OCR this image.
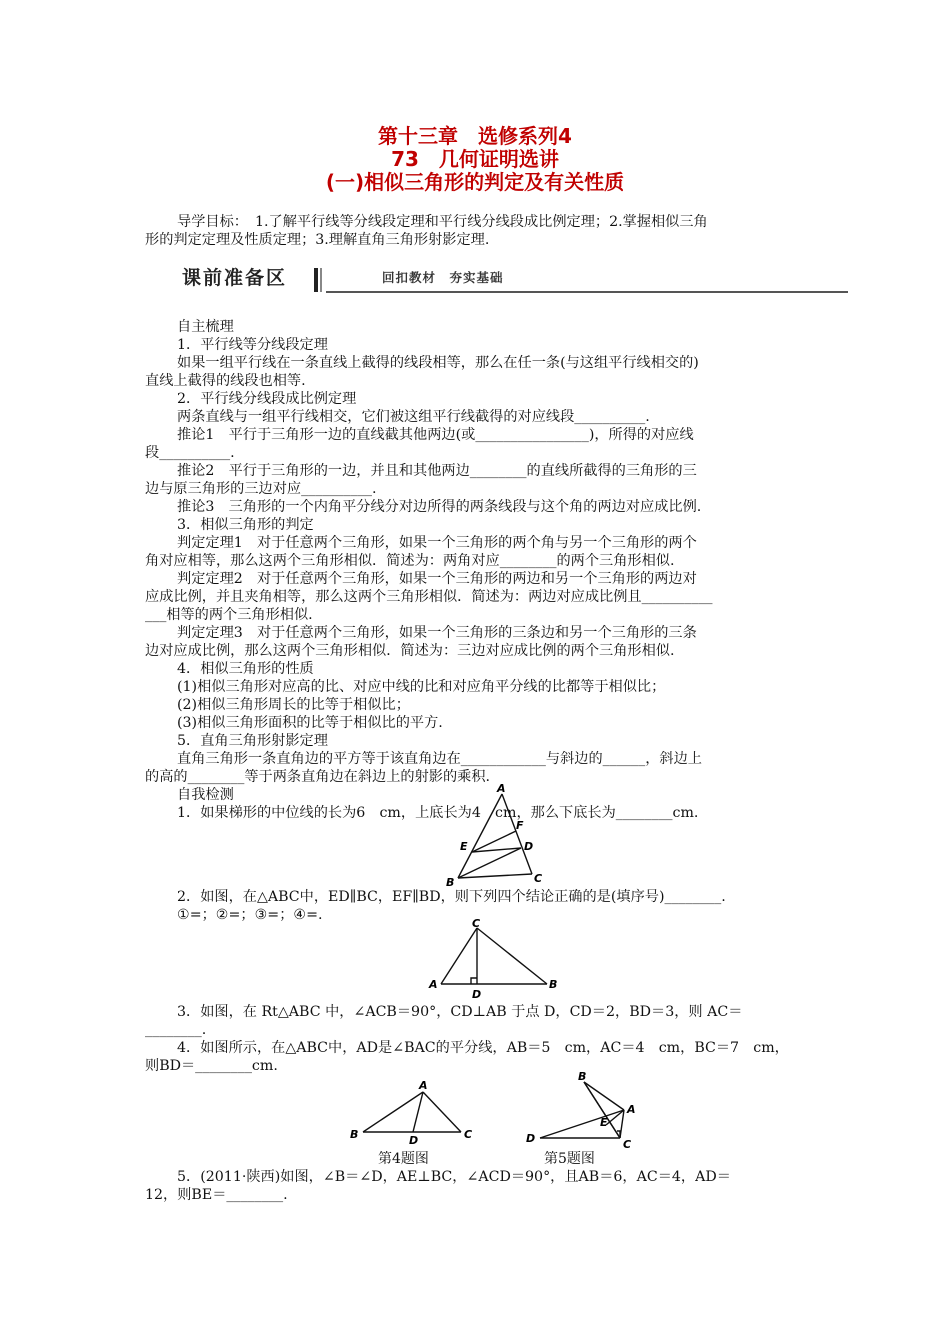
第十三章　选修系列4
73　几何证明选讲
(一)相似三角形的判定及有关性质
导学目标：　1.了解平行线等分线段定理和平行线分线段成比例定理；2.掌握相似三角
形的判定定理及性质定理；3.理解直角三角形射影定理.
课前准备区	回扣教材　夯实基础
自主梳理
1．平行线等分线段定理
如果一组平行线在一条直线上截得的线段相等，那么在任一条(与这组平行线相交的)
直线上截得的线段也相等.
2．平行线分线段成比例定理
两条直线与一组平行线相交，它们被这组平行线截得的对应线段__________.
推论1　平行于三角形一边的直线截其他两边(或________________)，所得的对应线
段__________.
推论2　平行于三角形的一边，并且和其他两边________的直线所截得的三角形的三
边与原三角形的三边对应__________.
推论3　三角形的一个内角平分线分对边所得的两条线段与这个角的两边对应成比例.
3．相似三角形的判定
判定定理1　对于任意两个三角形，如果一个三角形的两个角与另一个三角形的两个
角对应相等，那么这两个三角形相似．简述为：两角对应________的两个三角形相似.
判定定理2　对于任意两个三角形，如果一个三角形的两边和另一个三角形的两边对
应成比例，并且夹角相等，那么这两个三角形相似．简述为：两边对应成比例且__________
___相等的两个三角形相似.
判定定理3　对于任意两个三角形，如果一个三角形的三条边和另一个三角形的三条
边对应成比例，那么这两个三角形相似．简述为：三边对应成比例的两个三角形相似.
4．相似三角形的性质
(1)相似三角形对应高的比、对应中线的比和对应角平分线的比都等于相似比；
(2)相似三角形周长的比等于相似比；
(3)相似三角形面积的比等于相似比的平方.
5．直角三角形射影定理
直角三角形一条直角边的平方等于该直角边在____________与斜边的______，斜边上
的高的________等于两条直角边在斜边上的射影的乘积.
自我检测
1．如果梯形的中位线的长为6　cm，上底长为4　cm，那么下底长为________cm.
A
F
E	D
B	C
2．如图，在△ABC中，ED∥BC，EF∥BD，则下列四个结论正确的是(填序号)________.
①=；②=；③=；④=.
C
A
D
B
3．如图，在 Rt△ABC 中，∠ACB＝90°，CD⊥AB 于点 D，CD＝2，BD＝3，则 AC＝
________.
4．如图所示，在△ABC中，AD是∠BAC的平分线，AB＝5　cm，AC＝4　cm，BC＝7　cm，
则BD＝________cm.
A
B	D	C
第4题图
B
A
E
D	C
第5题图
5．(2011·陕西)如图，∠B＝∠D，AE⊥BC，∠ACD＝90°，且AB＝6，AC＝4，AD＝
12，则BE＝________.
